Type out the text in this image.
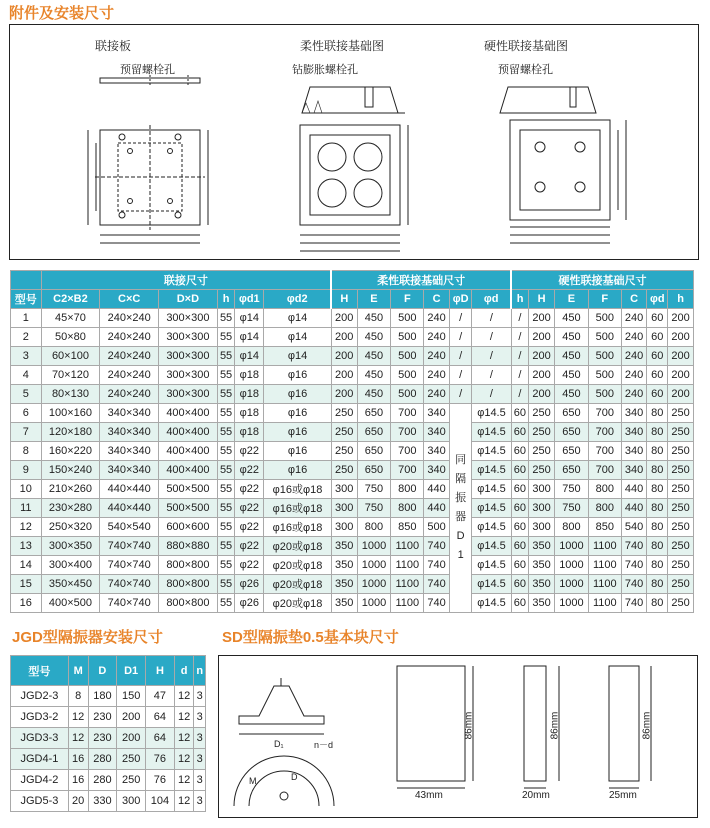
附件及安装尺寸
联接板
预留螺栓孔
柔性联接基础图
钻膨胀螺栓孔
硬性联接基础图
预留螺栓孔
	联接尺寸						柔性联接基础尺寸						硬性联接基础尺寸						
型号	C2×B2	C×C	D×D	h	φd1	φd2	H	E	F	C	φD	φd	h	H	E	F	C	φd	h
1	45×70	240×240	300×300	55	φ14	φ14	200	450	500	240	/	/	/	200	450	500	240	60	200
2	50×80	240×240	300×300	55	φ14	φ14	200	450	500	240	/	/	/	200	450	500	240	60	200
3	60×100	240×240	300×300	55	φ14	φ14	200	450	500	240	/	/	/	200	450	500	240	60	200
4	70×120	240×240	300×300	55	φ18	φ16	200	450	500	240	/	/	/	200	450	500	240	60	200
5	80×130	240×240	300×300	55	φ18	φ16	200	450	500	240	/	/	/	200	450	500	240	60	200
6	100×160	340×340	400×400	55	φ18	φ16	250	650	700	340	同隔振器D1	φ14.5	60	250	650	700	340	80	250
7	120×180	340×340	400×400	55	φ18	φ16	250	650	700	340		φ14.5	60	250	650	700	340	80	250
8	160×220	340×340	400×400	55	φ22	φ16	250	650	700	340		φ14.5	60	250	650	700	340	80	250
9	150×240	340×340	400×400	55	φ22	φ16	250	650	700	340		φ14.5	60	250	650	700	340	80	250
10	210×260	440×440	500×500	55	φ22	φ16或φ18	300	750	800	440		φ14.5	60	300	750	800	440	80	250
11	230×280	440×440	500×500	55	φ22	φ16或φ18	300	750	800	440		φ14.5	60	300	750	800	440	80	250
12	250×320	540×540	600×600	55	φ22	φ16或φ18	300	800	850	500		φ14.5	60	300	800	850	540	80	250
13	300×350	740×740	880×880	55	φ22	φ20或φ18	350	1000	1100	740		φ14.5	60	350	1000	1100	740	80	250
14	300×400	740×740	800×800	55	φ22	φ20或φ18	350	1000	1100	740		φ14.5	60	350	1000	1100	740	80	250
15	350×450	740×740	800×800	55	φ26	φ20或φ18	350	1000	1100	740		φ14.5	60	350	1000	1100	740	80	250
16	400×500	740×740	800×800	55	φ26	φ20或φ18	350	1000	1100	740		φ14.5	60	350	1000	1100	740	80	250
JGD型隔振器安装尺寸	SD型隔振垫0.5基本块尺寸
型号	M	D	D1	H	d	n
JGD2-3	8	180	150	47	12	3
JGD3-2	12	230	200	64	12	3
JGD3-3	12	230	200	64	12	3
JGD4-1	16	280	250	76	12	3
JGD4-2	16	280	250	76	12	3
JGD5-3	20	330	300	104	12	3
D₁	n－d
M	D
86mm	86mm	86mm
43mm	20mm	25mm
